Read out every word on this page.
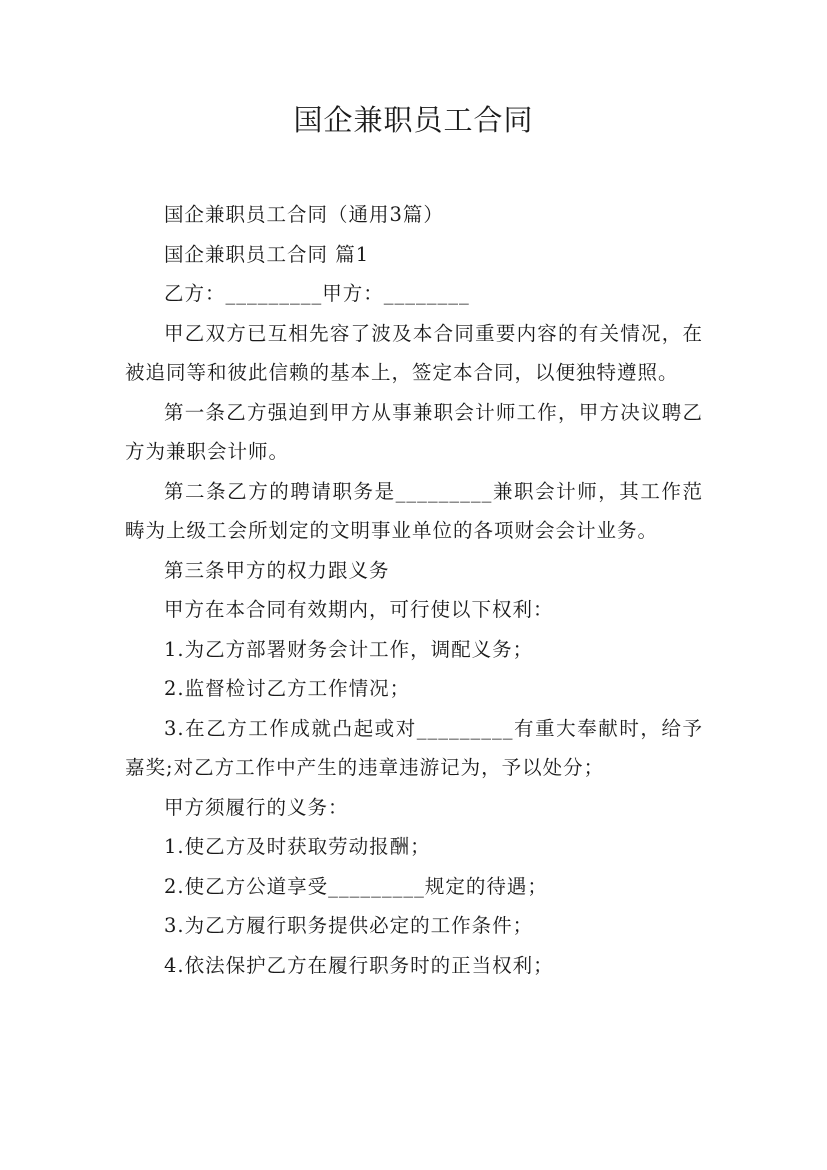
国企兼职员工合同

国企兼职员工合同（通用3篇）

国企兼职员工合同 篇1

乙方：_________甲方：________

甲乙双方已互相先容了波及本合同重要内容的有关情况，在被追同等和彼此信赖的基本上，签定本合同，以便独特遵照。

第一条乙方强迫到甲方从事兼职会计师工作，甲方决议聘乙方为兼职会计师。

第二条乙方的聘请职务是_________兼职会计师，其工作范畴为上级工会所划定的文明事业单位的各项财会会计业务。

第三条甲方的权力跟义务

甲方在本合同有效期内，可行使以下权利：

1.为乙方部署财务会计工作，调配义务；

2.监督检讨乙方工作情况；

3.在乙方工作成就凸起或对_________有重大奉献时，给予嘉奖;对乙方工作中产生的违章违游记为，予以处分；

甲方须履行的义务：

1.使乙方及时获取劳动报酬；

2.使乙方公道享受_________规定的待遇；

3.为乙方履行职务提供必定的工作条件；

4.依法保护乙方在履行职务时的正当权利；
